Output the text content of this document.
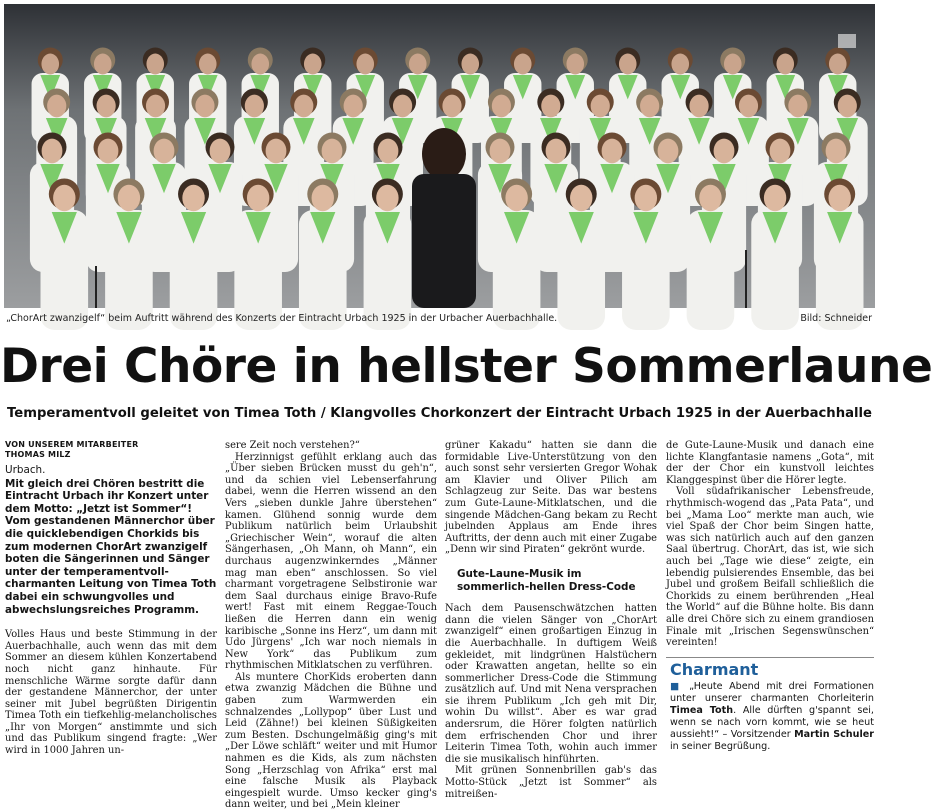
„ChorArt zwanzigelf“ beim Auftritt während des Konzerts der Eintracht Urbach 1925 in der Urbacher Auerbachhalle.	Bild: Schneider
Drei Chöre in hellster Sommerlaune
Temperamentvoll geleitet von Timea Toth / Klangvolles Chorkonzert der Eintracht Urbach 1925 in der Auerbachhalle
VON UNSEREM MITARBEITER
THOMAS MILZ
Urbach.
Mit gleich drei Chören bestritt die Eintracht Urbach ihr Konzert unter dem Motto: „Jetzt ist Sommer“! Vom gestandenen Männerchor über die quicklebendigen Chorkids bis zum modernen ChorArt zwanzigelf boten die Sängerinnen und Sänger unter der temperamentvoll-charmanten Leitung von Timea Toth dabei ein schwungvolles und abwechslungsreiches Programm.

Volles Haus und beste Stimmung in der Auerbachhalle, auch wenn das mit dem Sommer an diesem kühlen Konzertabend noch nicht ganz hinhaute. Für menschliche Wärme sorgte dafür dann der gestandene Männerchor, der unter seiner mit Jubel begrüßten Dirigentin Timea Toth ein tiefkehlig-melancholisches „Ihr von Morgen“ anstimmte und sich und das Publikum singend fragte: „Wer wird in 1000 Jahren un-

sere Zeit noch verstehen?“

Herzinnigst gefühlt erklang auch das „Über sieben Brücken musst du geh'n“, und da schien viel Lebenserfahrung dabei, wenn die Herren wissend an den Vers „sieben dunkle Jahre überstehen“ kamen. Glühend sonnig wurde dem Publikum natürlich beim Urlaubshit „Griechischer Wein“, worauf die alten Sängerhasen, „Oh Mann, oh Mann“, ein durchaus augenzwinkerndes „Männer mag man eben“ anschlossen. So viel charmant vorgetragene Selbstironie war dem Saal durchaus einige Bravo-Rufe wert! Fast mit einem Reggae-Touch ließen die Herren dann ein wenig karibische „Sonne ins Herz“, um dann mit Udo Jürgens' „Ich war noch niemals in New York“ das Publikum zum rhythmischen Mitklatschen zu verführen.

Als muntere ChorKids eroberten dann etwa zwanzig Mädchen die Bühne und gaben zum Warmwerden ein schnalzendes „Lollypop“ über Lust und Leid (Zähne!) bei kleinen Süßigkeiten zum Besten. Dschungelmäßig ging's mit „Der Löwe schläft“ weiter und mit Humor nahmen es die Kids, als zum nächsten Song „Herzschlag von Afrika“ erst mal eine falsche Musik als Playback eingespielt wurde. Umso kecker ging's dann weiter, und bei „Mein kleiner

grüner Kakadu“ hatten sie dann die formidable Live-Unterstützung von den auch sonst sehr versierten Gregor Wohak am Klavier und Oliver Pilich am Schlagzeug zur Seite. Das war bestens zum Gute-Laune-Mitklatschen, und die singende Mädchen-Gang bekam zu Recht jubelnden Applaus am Ende ihres Auftritts, der denn auch mit einer Zugabe „Denn wir sind Piraten“ gekrönt wurde.

Gute-Laune-Musik im sommerlich-hellen Dress-Code

Nach dem Pausenschwätzchen hatten dann die vielen Sänger von „ChorArt zwanzigelf“ einen großartigen Einzug in die Auerbachhalle. In duftigem Weiß gekleidet, mit lindgrünen Halstüchern oder Krawatten angetan, hellte so ein sommerlicher Dress-Code die Stimmung zusätzlich auf. Und mit Nena versprachen sie ihrem Publikum „Ich geh mit Dir, wohin Du willst“. Aber es war grad andersrum, die Hörer folgten natürlich dem erfrischenden Chor und ihrer Leiterin Timea Toth, wohin auch immer die sie musikalisch hinführten.

Mit grünen Sonnenbrillen gab's das Motto-Stück „Jetzt ist Sommer“ als mitreißen-

de Gute-Laune-Musik und danach eine lichte Klangfantasie namens „Gota“, mit der der Chor ein kunstvoll leichtes Klanggespinst über die Hörer legte.

Voll südafrikanischer Lebensfreude, rhythmisch-wogend das „Pata Pata“, und bei „Mama Loo“ merkte man auch, wie viel Spaß der Chor beim Singen hatte, was sich natürlich auch auf den ganzen Saal übertrug. ChorArt, das ist, wie sich auch bei „Tage wie diese“ zeigte, ein lebendig pulsierendes Ensemble, das bei Jubel und großem Beifall schließlich die Chorkids zu einem berührenden „Heal the World“ auf die Bühne holte. Bis dann alle drei Chöre sich zu einem grandiosen Finale mit „Irischen Segenswünschen“ vereinten!

Charmant
■ „Heute Abend mit drei Formationen unter unserer charmanten Chorleiterin Timea Toth. Alle dürften g'spannt sei, wenn se nach vorn kommt, wie se heut aussieht!“ – Vorsitzender Martin Schuler in seiner Begrüßung.
